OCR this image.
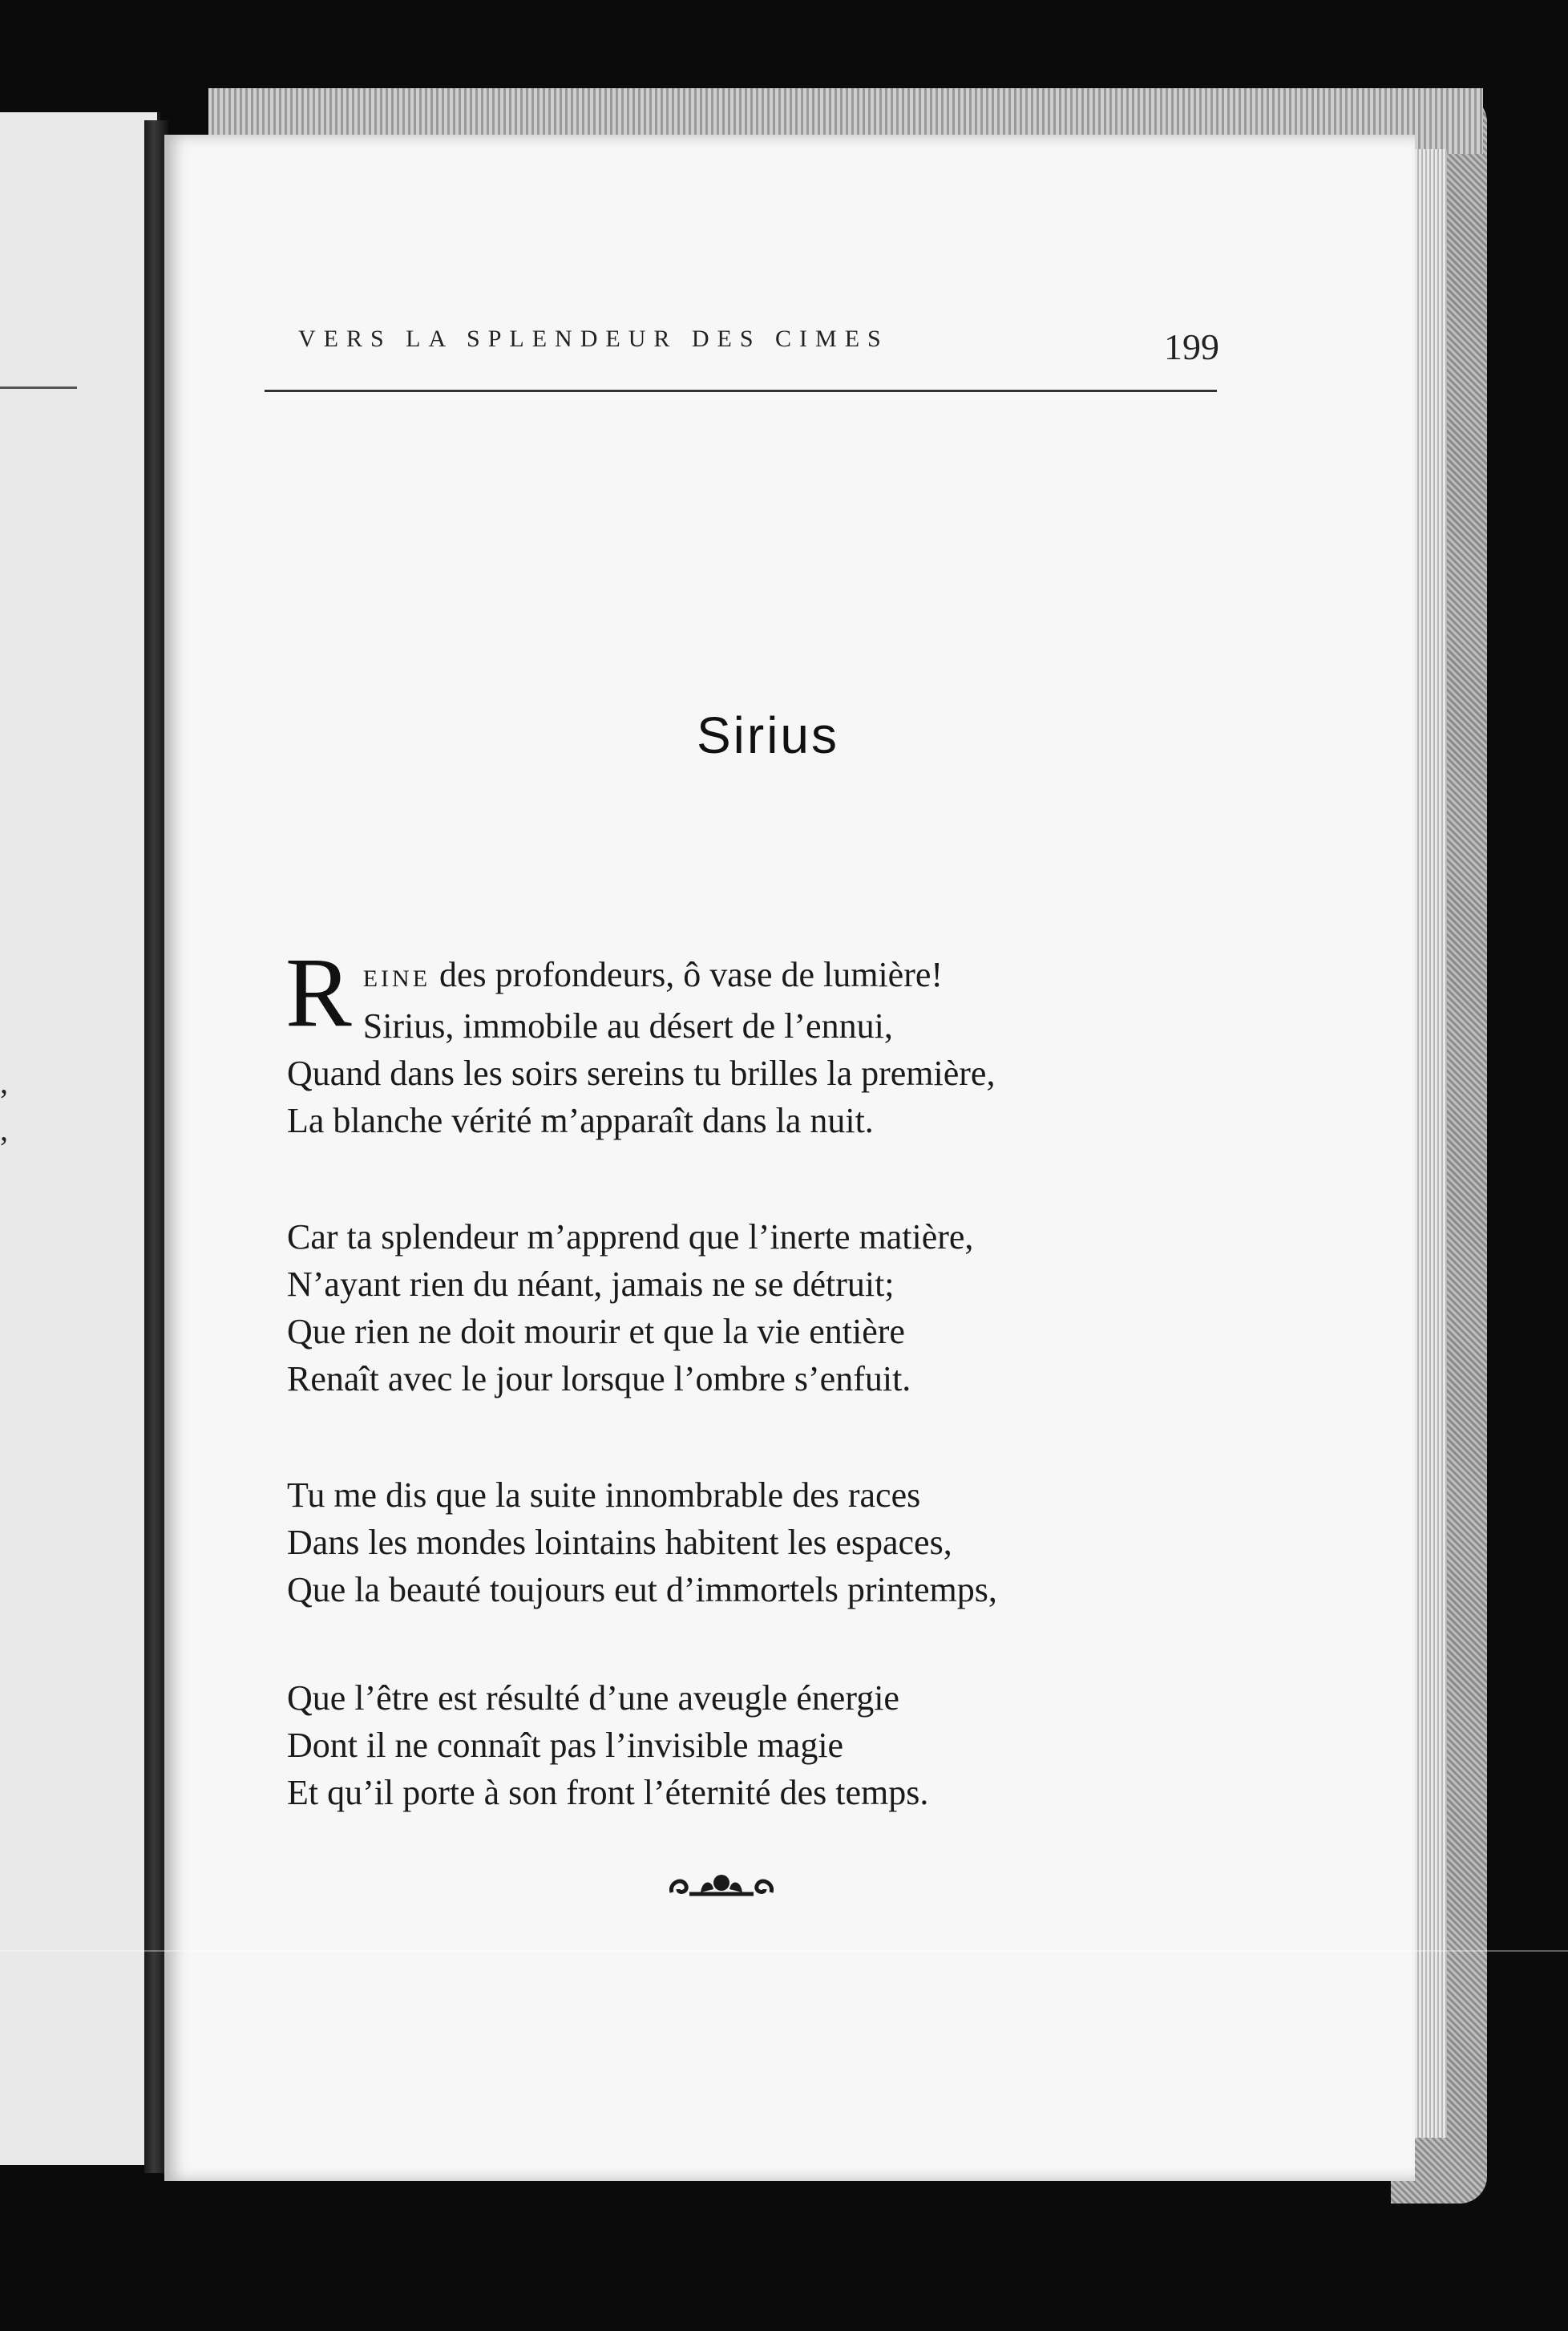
,
,
VERS LA SPLENDEUR DES CIMES	199
Sirius
R EINE des profondeurs, ô vase de lumière!
Sirius, immobile au désert de l’ennui,
Quand dans les soirs sereins tu brilles la première,
La blanche vérité m’apparaît dans la nuit.
Car ta splendeur m’apprend que l’inerte matière,
N’ayant rien du néant, jamais ne se détruit;
Que rien ne doit mourir et que la vie entière
Renaît avec le jour lorsque l’ombre s’enfuit.
Tu me dis que la suite innombrable des races
Dans les mondes lointains habitent les espaces,
Que la beauté toujours eut d’immortels printemps,
Que l’être est résulté d’une aveugle énergie
Dont il ne connaît pas l’invisible magie
Et qu’il porte à son front l’éternité des temps.
